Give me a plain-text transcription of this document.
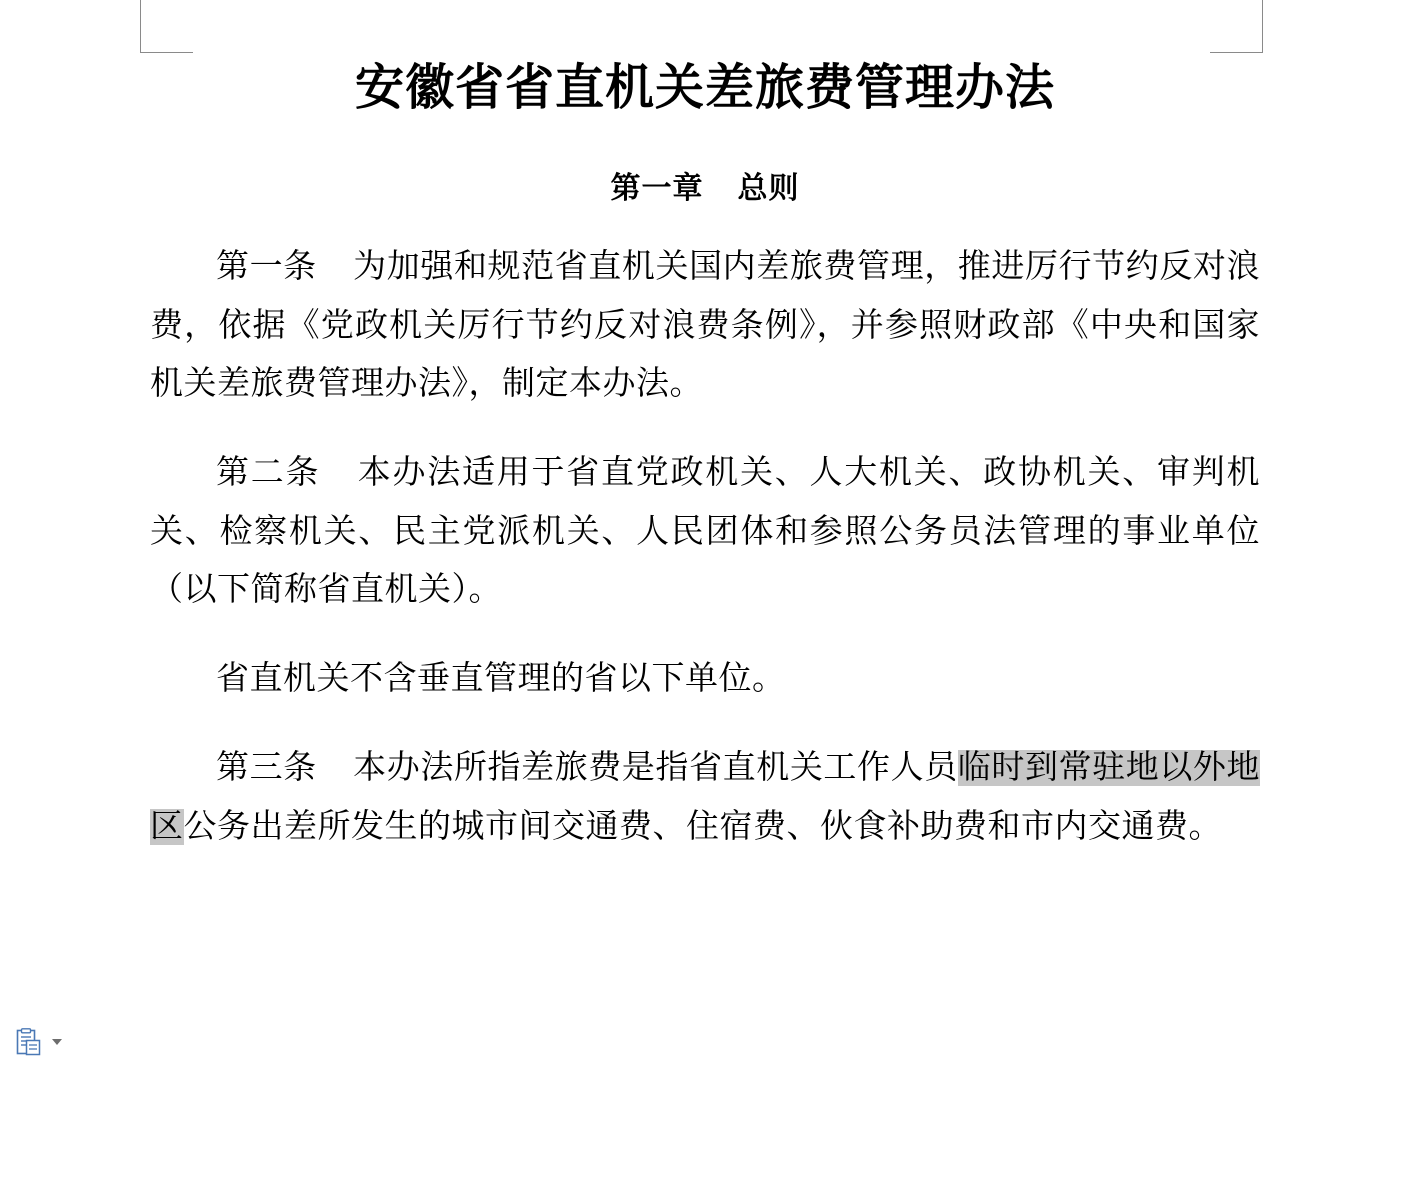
安徽省省直机关差旅费管理办法
第一章 总则

第一条 为加强和规范省直机关国内差旅费管理，推进厉行节约反对浪费，依据《党政机关厉行节约反对浪费条例》，并参照财政部《中央和国家机关差旅费管理办法》，制定本办法。

第二条 本办法适用于省直党政机关、人大机关、政协机关、审判机关、检察机关、民主党派机关、人民团体和参照公务员法管理的事业单位（以下简称省直机关）。

省直机关不含垂直管理的省以下单位。

第三条 本办法所指差旅费是指省直机关工作人员临时到常驻地以外地区公务出差所发生的城市间交通费、住宿费、伙食补助费和市内交通费。
